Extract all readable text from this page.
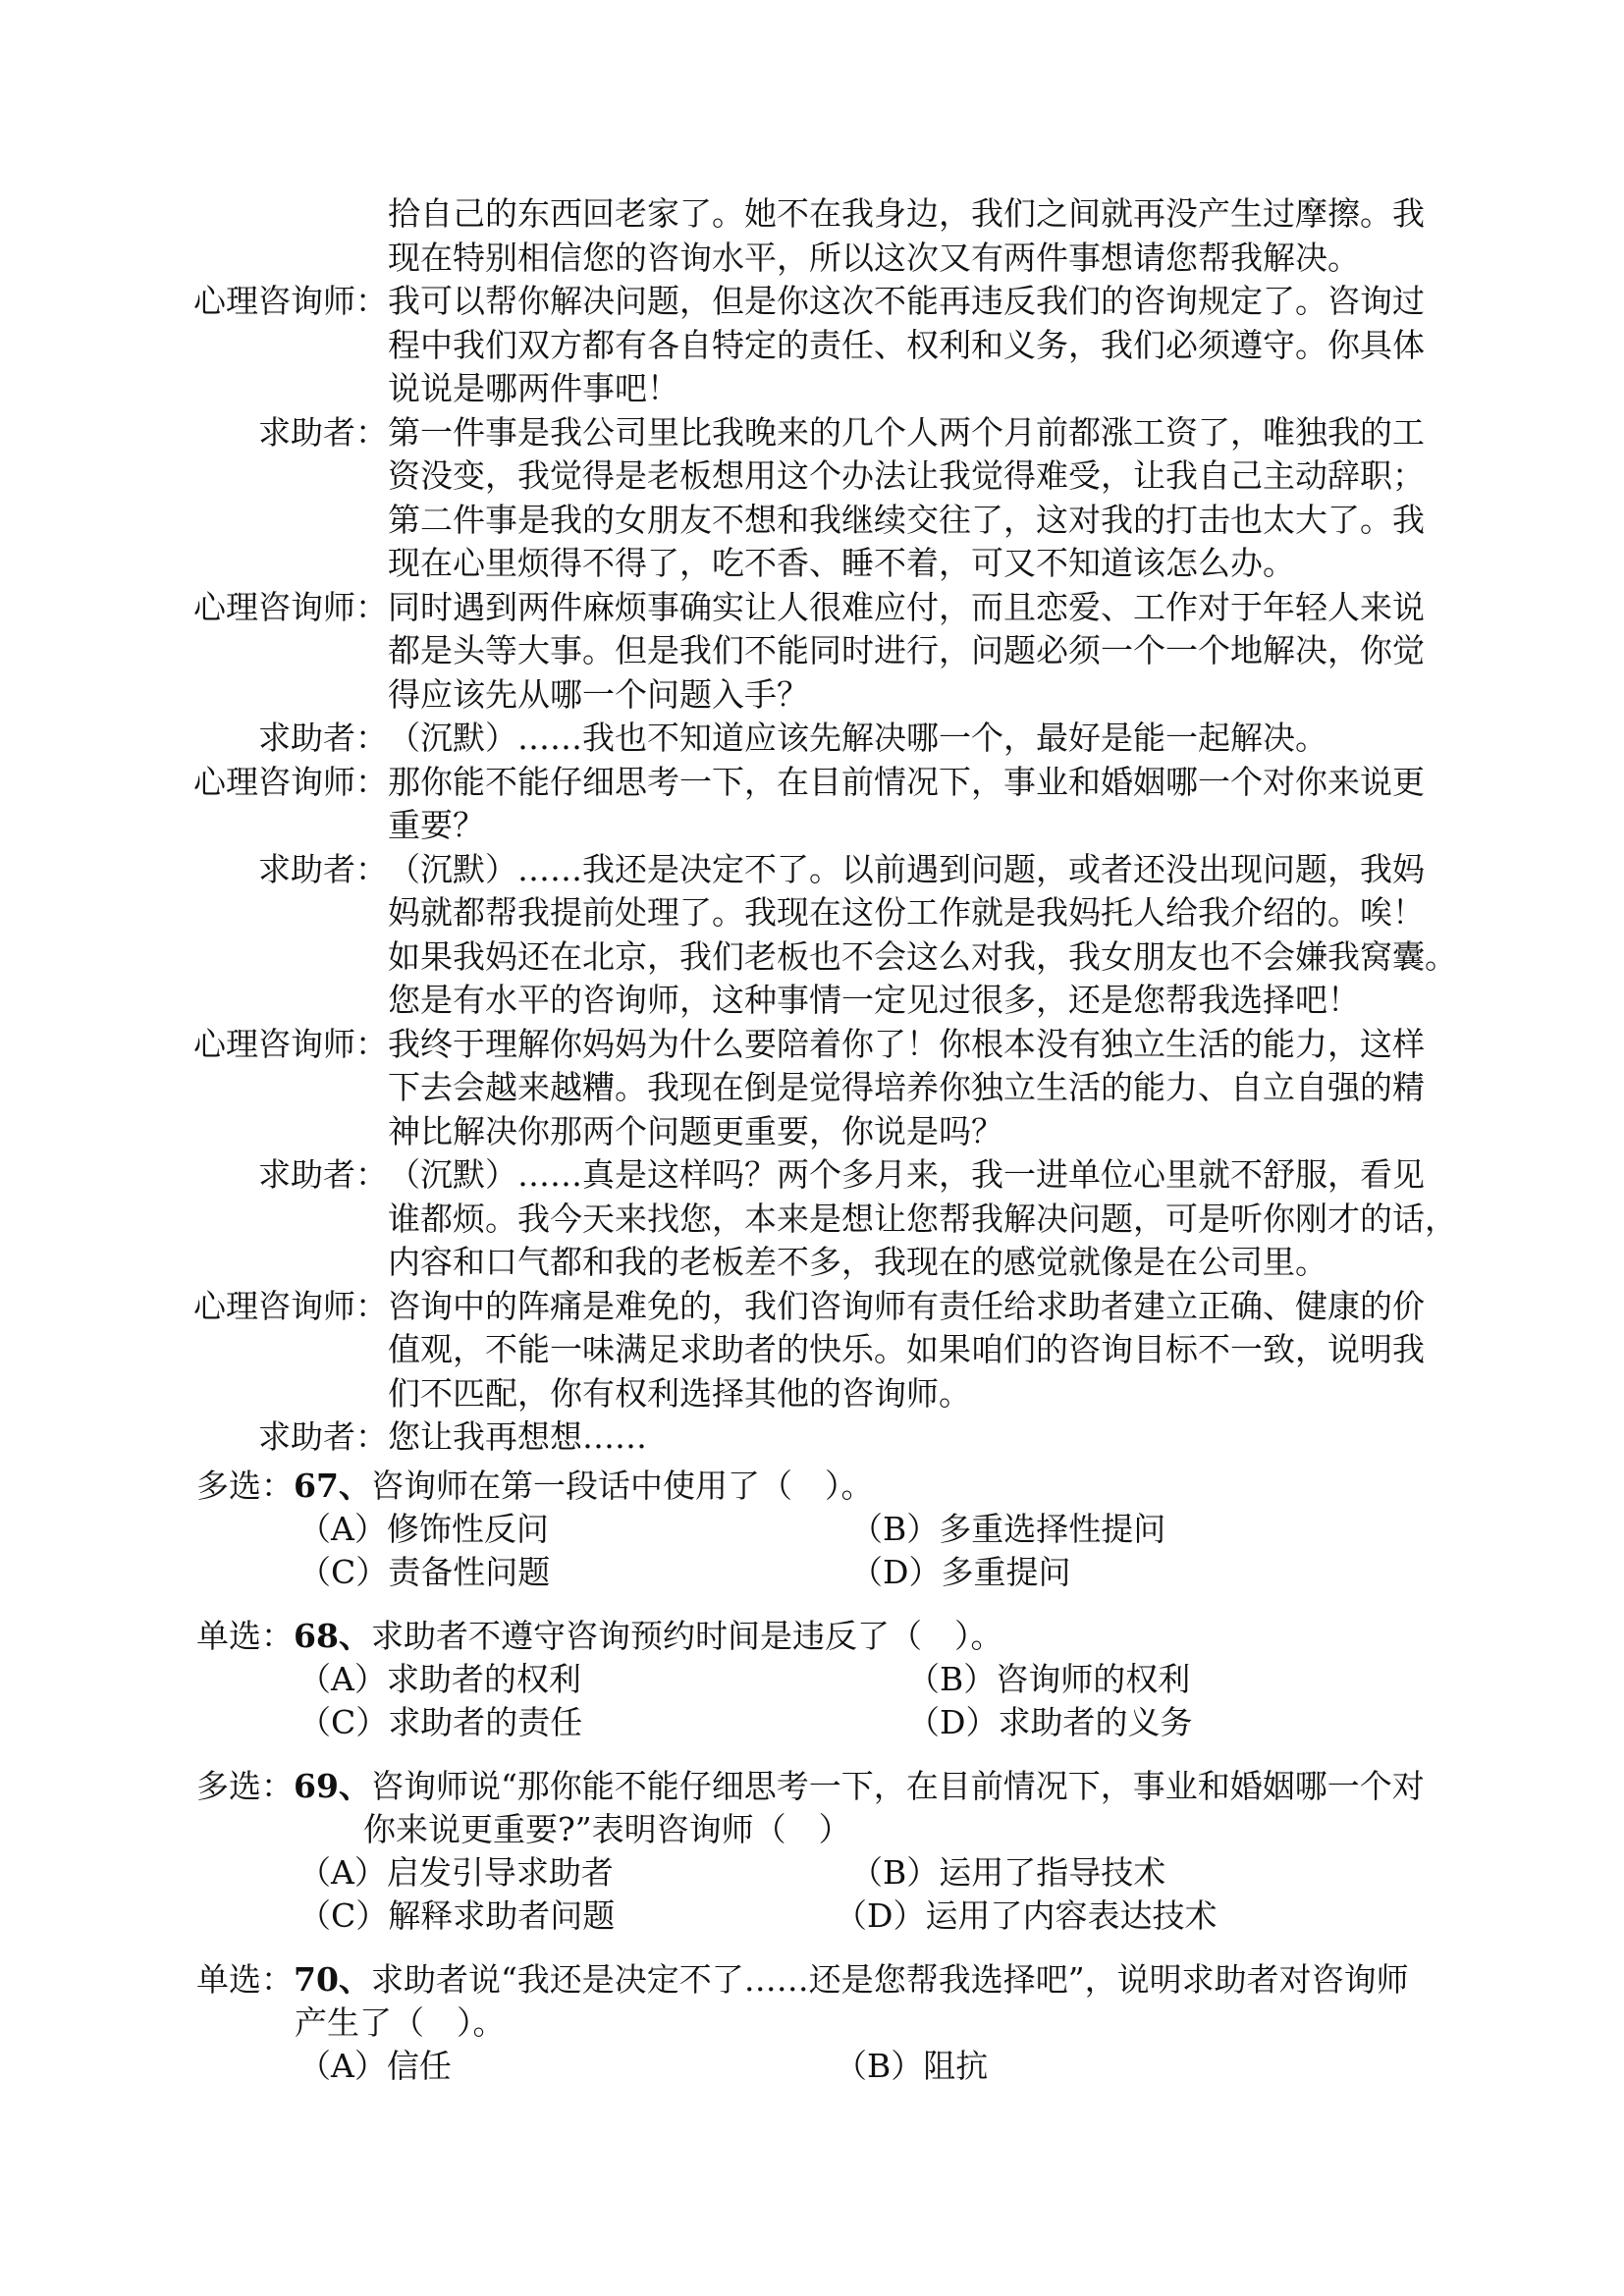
拾自己的东西回老家了。她不在我身边，我们之间就再没产生过摩擦。我
现在特别相信您的咨询水平，所以这次又有两件事想请您帮我解决。
心理咨询师： 我可以帮你解决问题，但是你这次不能再违反我们的咨询规定了。咨询过
程中我们双方都有各自特定的责任、权利和义务，我们必须遵守。你具体
说说是哪两件事吧！
求助者： 第一件事是我公司里比我晚来的几个人两个月前都涨工资了，唯独我的工
资没变，我觉得是老板想用这个办法让我觉得难受，让我自己主动辞职；
第二件事是我的女朋友不想和我继续交往了，这对我的打击也太大了。我
现在心里烦得不得了，吃不香、睡不着，可又不知道该怎么办。
心理咨询师： 同时遇到两件麻烦事确实让人很难应付，而且恋爱、工作对于年轻人来说
都是头等大事。但是我们不能同时进行，问题必须一个一个地解决，你觉
得应该先从哪一个问题入手？
求助者： （沉默）……我也不知道应该先解决哪一个，最好是能一起解决。
心理咨询师： 那你能不能仔细思考一下，在目前情况下，事业和婚姻哪一个对你来说更
重要？
求助者： （沉默）……我还是决定不了。以前遇到问题，或者还没出现问题，我妈
妈就都帮我提前处理了。我现在这份工作就是我妈托人给我介绍的。唉！
如果我妈还在北京，我们老板也不会这么对我，我女朋友也不会嫌我窝囊。
您是有水平的咨询师，这种事情一定见过很多，还是您帮我选择吧！
心理咨询师： 我终于理解你妈妈为什么要陪着你了！你根本没有独立生活的能力，这样
下去会越来越糟。我现在倒是觉得培养你独立生活的能力、自立自强的精
神比解决你那两个问题更重要，你说是吗？
求助者： （沉默）……真是这样吗？两个多月来，我一进单位心里就不舒服，看见
谁都烦。我今天来找您，本来是想让您帮我解决问题，可是听你刚才的话，
内容和口气都和我的老板差不多，我现在的感觉就像是在公司里。
心理咨询师： 咨询中的阵痛是难免的，我们咨询师有责任给求助者建立正确、健康的价
值观，不能一味满足求助者的快乐。如果咱们的咨询目标不一致，说明我
们不匹配，你有权利选择其他的咨询师。
求助者： 您让我再想想……
多选：67、咨询师在第一段话中使用了（　）。
（A）修饰性反问	（B）多重选择性提问
（C）责备性问题	（D）多重提问
单选：68、求助者不遵守咨询预约时间是违反了（　）。
（A）求助者的权利	（B）咨询师的权利
（C）求助者的责任	（D）求助者的义务
多选：69、咨询师说“那你能不能仔细思考一下，在目前情况下，事业和婚姻哪一个对
你来说更重要?”表明咨询师（　）
（A）启发引导求助者	（B）运用了指导技术
（C）解释求助者问题	（D）运用了内容表达技术
单选：70、求助者说“我还是决定不了……还是您帮我选择吧”，说明求助者对咨询师
产生了（　）。
（A）信任	（B）阻抗
